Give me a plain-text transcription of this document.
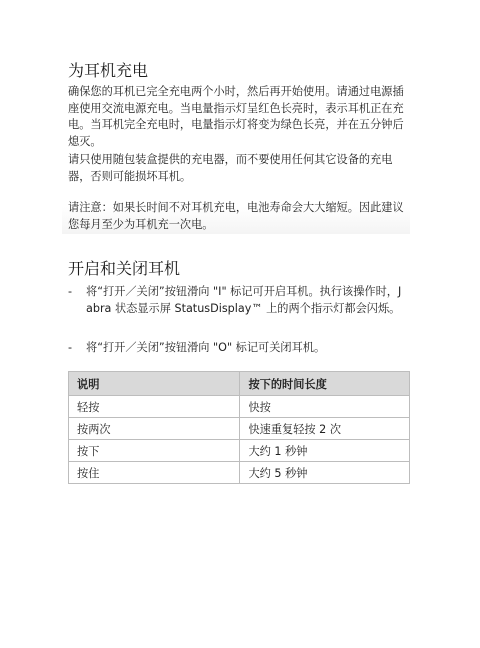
为耳机充电

确保您的耳机已完全充电两个小时，然后再开始使用。请通过电源插座使用交流电源充电。当电量指示灯呈红色长亮时，表示耳机正在充电。当耳机完全充电时，电量指示灯将变为绿色长亮，并在五分钟后熄灭。

请只使用随包装盒提供的充电器，而不要使用任何其它设备的充电器，否则可能损坏耳机。

请注意：如果长时间不对耳机充电，电池寿命会大大缩短。因此建议您每月至少为耳机充一次电。

开启和关闭耳机
- 将“打开／关闭”按钮滑向 "I" 标记可开启耳机。执行该操作时，Jabra 状态显示屏 StatusDisplay™ 上的两个指示灯都会闪烁。
- 将“打开／关闭”按钮滑向 "O" 标记可关闭耳机。
说明	按下的时间长度
轻按	快按
按两次	快速重复轻按 2 次
按下	大约 1 秒钟
按住	大约 5 秒钟
